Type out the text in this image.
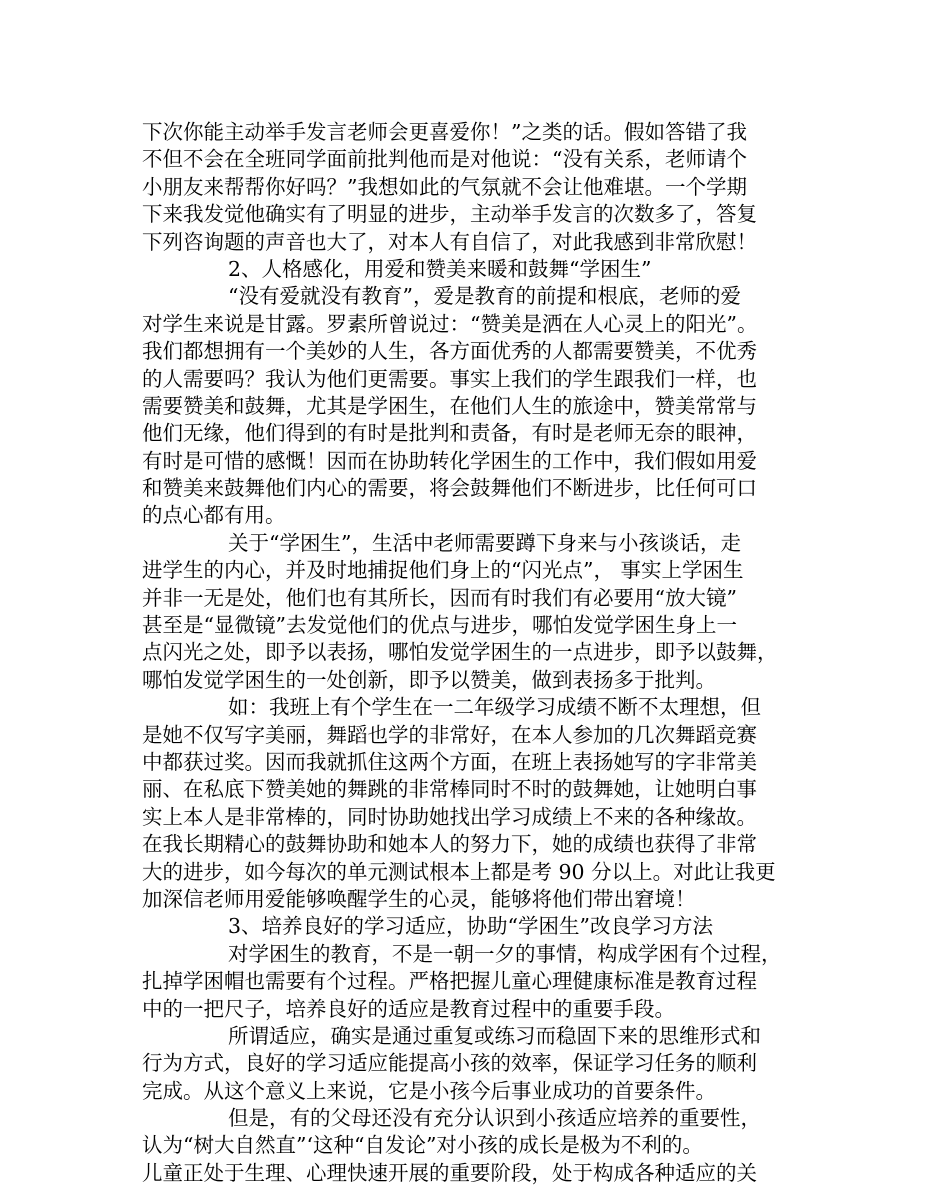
下次你能主动举手发言老师会更喜爱你！”之类的话。假如答错了我
不但不会在全班同学面前批判他而是对他说：“没有关系，老师请个
小朋友来帮帮你好吗？”我想如此的气氛就不会让他难堪。一个学期
下来我发觉他确实有了明显的进步，主动举手发言的次数多了，答复
下列咨询题的声音也大了，对本人有自信了，对此我感到非常欣慰！
2、人格感化，用爱和赞美来暖和鼓舞“学困生”
“没有爱就没有教育”，爱是教育的前提和根底，老师的爱
对学生来说是甘露。罗素所曾说过：“赞美是洒在人心灵上的阳光”。
我们都想拥有一个美妙的人生，各方面优秀的人都需要赞美，不优秀
的人需要吗？我认为他们更需要。事实上我们的学生跟我们一样，也
需要赞美和鼓舞，尤其是学困生，在他们人生的旅途中，赞美常常与
他们无缘，他们得到的有时是批判和责备，有时是老师无奈的眼神，
有时是可惜的感慨！因而在协助转化学困生的工作中，我们假如用爱
和赞美来鼓舞他们内心的需要，将会鼓舞他们不断进步，比任何可口
的点心都有用。
关于“学困生”，生活中老师需要蹲下身来与小孩谈话，走
进学生的内心，并及时地捕捉他们身上的“闪光点”， 事实上学困生
并非一无是处，他们也有其所长，因而有时我们有必要用“放大镜”
甚至是“显微镜”去发觉他们的优点与进步，哪怕发觉学困生身上一
点闪光之处，即予以表扬，哪怕发觉学困生的一点进步，即予以鼓舞，
哪怕发觉学困生的一处创新，即予以赞美，做到表扬多于批判。
如：我班上有个学生在一二年级学习成绩不断不太理想，但
是她不仅写字美丽，舞蹈也学的非常好，在本人参加的几次舞蹈竞赛
中都获过奖。因而我就抓住这两个方面，在班上表扬她写的字非常美
丽、在私底下赞美她的舞跳的非常棒同时不时的鼓舞她，让她明白事
实上本人是非常棒的，同时协助她找出学习成绩上不来的各种缘故。
在我长期精心的鼓舞协助和她本人的努力下，她的成绩也获得了非常
大的进步，如今每次的单元测试根本上都是考 90 分以上。对此让我更
加深信老师用爱能够唤醒学生的心灵，能够将他们带出窘境！
3、培养良好的学习适应，协助“学困生”改良学习方法
对学困生的教育，不是一朝一夕的事情，构成学困有个过程，
扎掉学困帽也需要有个过程。严格把握儿童心理健康标准是教育过程
中的一把尺子，培养良好的适应是教育过程中的重要手段。
所谓适应，确实是通过重复或练习而稳固下来的思维形式和
行为方式，良好的学习适应能提高小孩的效率，保证学习任务的顺利
完成。从这个意义上来说，它是小孩今后事业成功的首要条件。
但是，有的父母还没有充分认识到小孩适应培养的重要性，
认为“树大自然直”‘这种“自发论”对小孩的成长是极为不利的。
儿童正处于生理、心理快速开展的重要阶段，处于构成各种适应的关
